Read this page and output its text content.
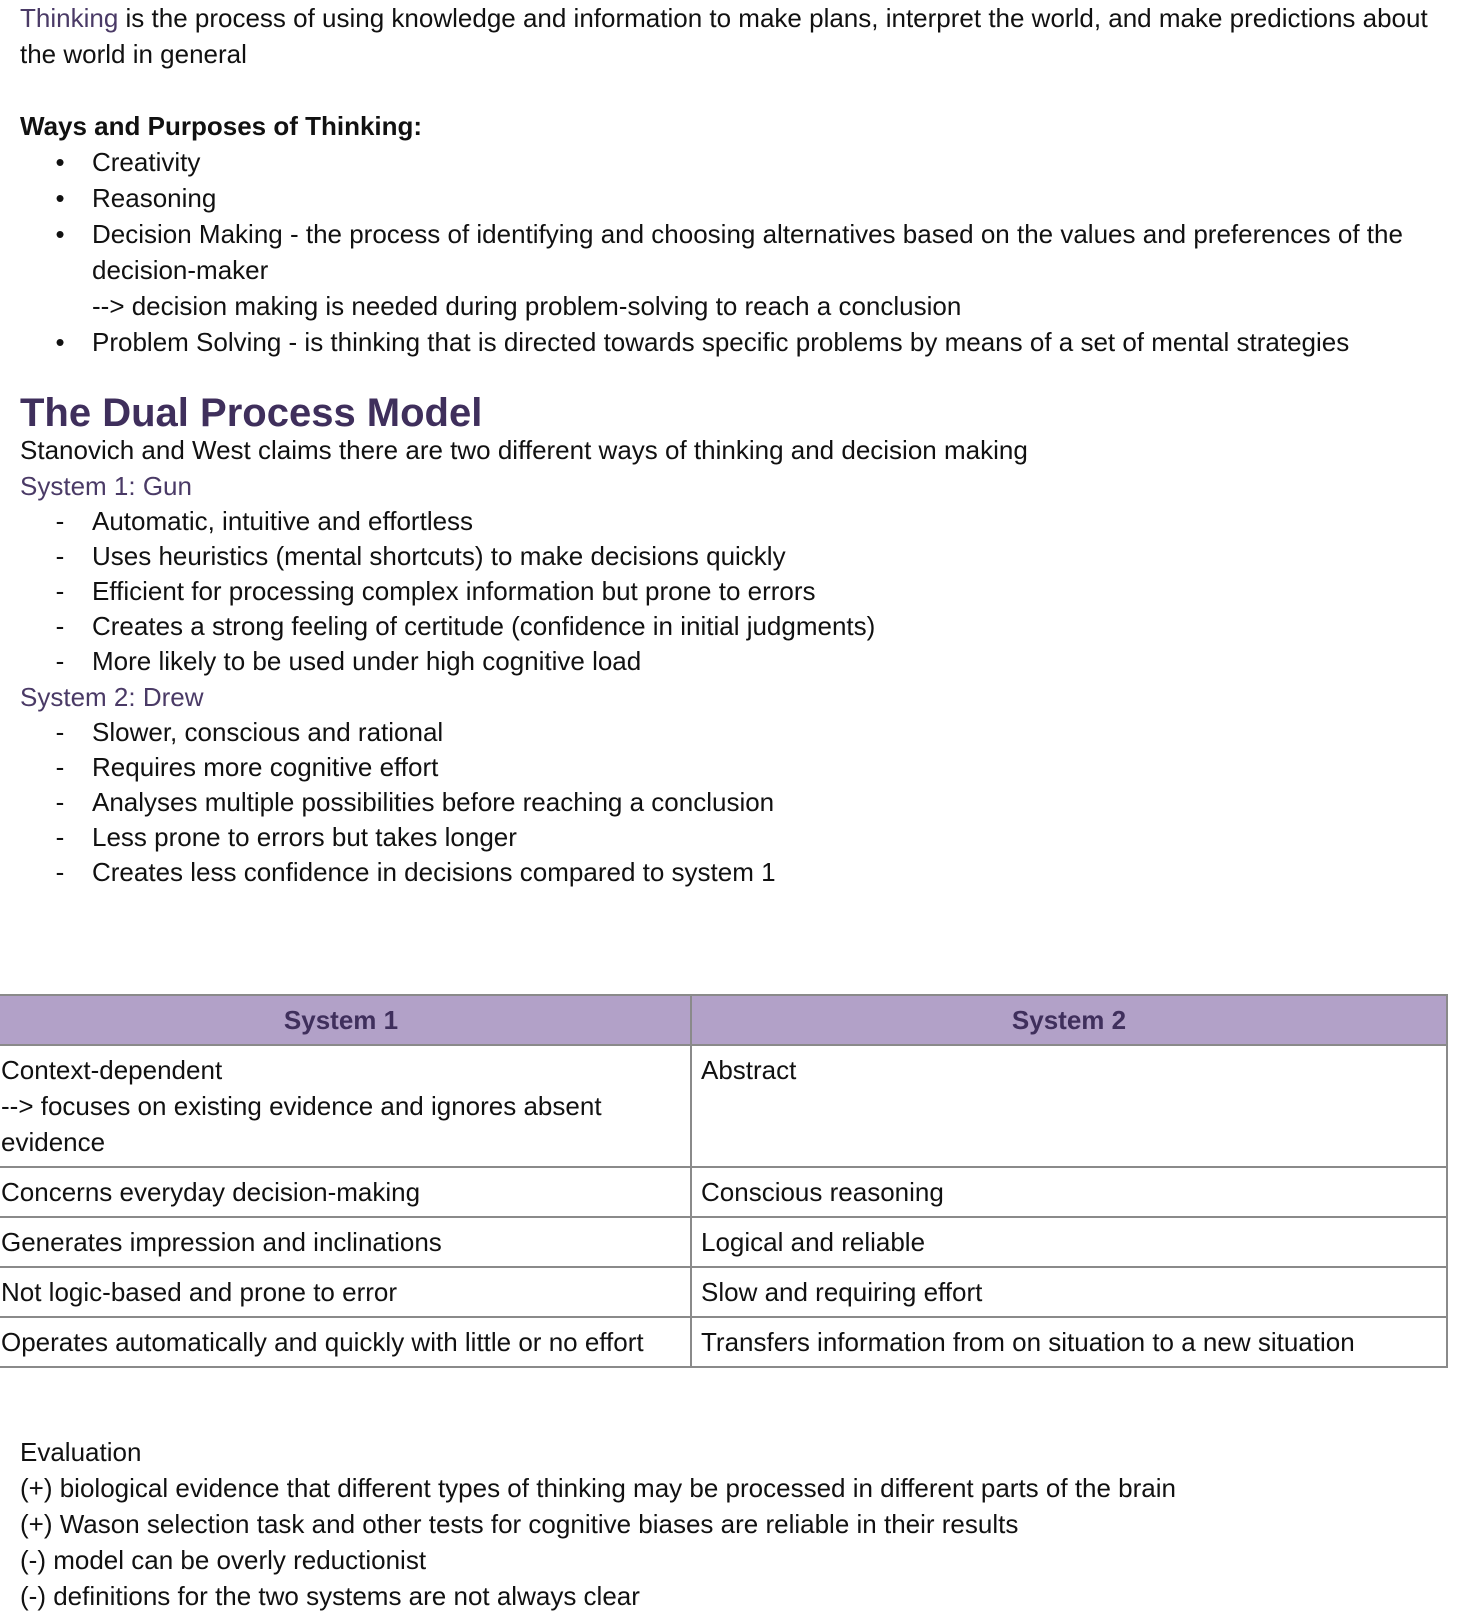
Thinking is the process of using knowledge and information to make plans, interpret the world, and make predictions about the world in general

Ways and Purposes of Thinking:

•
Creativity
•
Reasoning
•
Decision Making - the process of identifying and choosing alternatives based on the values and preferences of the decision-maker
--> decision making is needed during problem-solving to reach a conclusion
•
Problem Solving - is thinking that is directed towards specific problems by means of a set of mental strategies
The Dual Process Model

Stanovich and West claims there are two different ways of thinking and decision making

System 1: Gun

- Automatic, intuitive and effortless
- Uses heuristics (mental shortcuts) to make decisions quickly
- Efficient for processing complex information but prone to errors
- Creates a strong feeling of certitude (confidence in initial judgments)
- More likely to be used under high cognitive load

System 2: Drew

- Slower, conscious and rational
- Requires more cognitive effort
- Analyses multiple possibilities before reaching a conclusion
- Less prone to errors but takes longer
- Creates less confidence in decisions compared to system 1
System 1	System 2
Context-dependent
--> focuses on existing evidence and ignores absent evidence	Abstract
Concerns everyday decision-making	Conscious reasoning
Generates impression and inclinations	Logical and reliable
Not logic-based and prone to error	Slow and requiring effort
Operates automatically and quickly with little or no effort	Transfers information from on situation to a new situation

Evaluation

(+) biological evidence that different types of thinking may be processed in different parts of the brain

(+) Wason selection task and other tests for cognitive biases are reliable in their results

(-) model can be overly reductionist

(-) definitions for the two systems are not always clear
